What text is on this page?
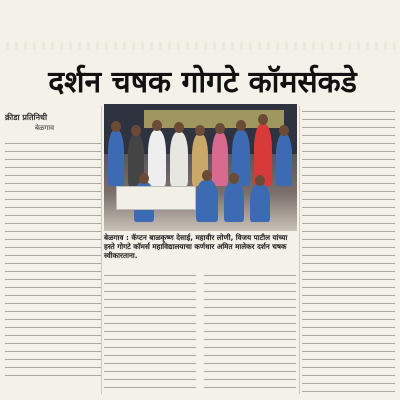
दर्शन चषक गोगटे कॉमर्सकडे
क्रीडा प्रतिनिधी
बेळगाव
बेळगाव : कॅप्टन बाळकृष्ण देसाई, महावीर लोणी, विजय पाटील यांच्या हस्ते गोगटे कॉमर्स महाविद्यालयाचा कर्णधार अमित मालेकर दर्शन चषक स्वीकारताना.
